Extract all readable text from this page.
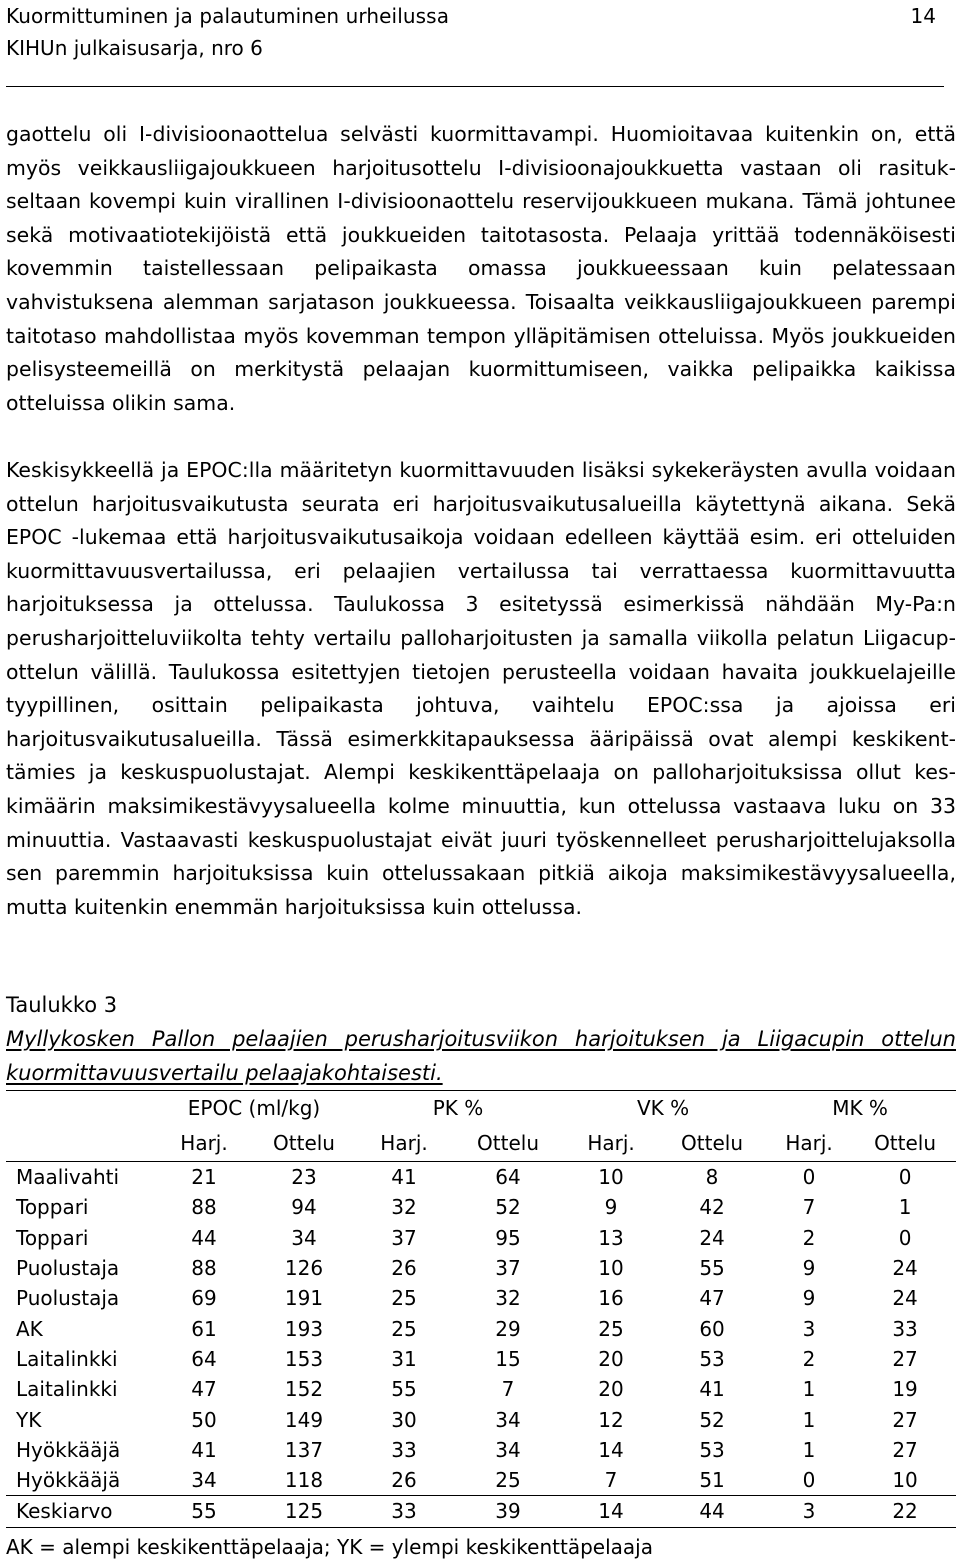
Kuormittuminen ja palautuminen urheilussa
KIHUn julkaisusarja, nro 6
14
gaottelu oli I-divisioonaottelua selvästi kuormittavampi. Huomioitavaa kuitenkin on, että myös veikkausliigajoukkueen harjoitusottelu I-divisioonajoukkuetta vastaan oli rasitukseltaan kovempi kuin virallinen I-divisioonaottelu reservijoukkueen mukana. Tämä johtunee sekä motivaatiotekijöistä että joukkueiden taitotasosta. Pelaaja yrittää todennäköisesti kovemmin taistellessaan pelipaikasta omassa joukkueessaan kuin pelatessaan vahvistuksena alemman sarjatason joukkueessa. Toisaalta veikkausliigajoukkueen parempi taitotaso mahdollistaa myös kovemman tempon ylläpitämisen otteluissa. Myös joukkueiden pelisysteemeillä on merkitystä pelaajan kuormittumiseen, vaikka pelipaikka kaikissa otteluissa olikin sama.
Keskisykkeellä ja EPOC:lla määritetyn kuormittavuuden lisäksi sykekeräysten avulla voidaan ottelun harjoitusvaikutusta seurata eri harjoitusvaikutusalueilla käytettynä aikana. Sekä EPOC -lukemaa että harjoitusvaikutusaikoja voidaan edelleen käyttää esim. eri otteluiden kuormittavuusvertailussa, eri pelaajien vertailussa tai verrattaessa kuormittavuutta harjoituksessa ja ottelussa. Taulukossa 3 esitetyssä esimerkissä nähdään My-Pa:n perusharjoitteluviikolta tehty vertailu palloharjoitusten ja samalla viikolla pelatun Liigacup-ottelun välillä. Taulukossa esitettyjen tietojen perusteella voidaan havaita joukkuelajeille tyypillinen, osittain pelipaikasta johtuva, vaihtelu EPOC:ssa ja ajoissa eri harjoitusvaikutusalueilla. Tässä esimerkkitapauksessa ääripäissä ovat alempi keskikenttämies ja keskuspuolustajat. Alempi keskikenttäpelaaja on palloharjoituksissa ollut keskimäärin maksimikestävyysalueella kolme minuuttia, kun ottelussa vastaava luku on 33 minuuttia. Vastaavasti keskuspuolustajat eivät juuri työskennelleet perusharjoittelujaksolla sen paremmin harjoituksissa kuin ottelussakaan pitkiä aikoja maksimikestävyysalueella, mutta kuitenkin enemmän harjoituksissa kuin ottelussa.
Taulukko 3
Myllykosken Pallon pelaajien perusharjoitusviikon harjoituksen ja Liigacupin ottelun kuormittavuusvertailu pelaajakohtaisesti.
	EPOC (ml/kg)		PK %		VK %		MK %	
	Harj.	Ottelu	Harj.	Ottelu	Harj.	Ottelu	Harj.	Ottelu
Maalivahti	21	23	41	64	10	8	0	0
Toppari	88	94	32	52	9	42	7	1
Toppari	44	34	37	95	13	24	2	0
Puolustaja	88	126	26	37	10	55	9	24
Puolustaja	69	191	25	32	16	47	9	24
AK	61	193	25	29	25	60	3	33
Laitalinkki	64	153	31	15	20	53	2	27
Laitalinkki	47	152	55	7	20	41	1	19
YK	50	149	30	34	12	52	1	27
Hyökkääjä	41	137	33	34	14	53	1	27
Hyökkääjä	34	118	26	25	7	51	0	10
Keskiarvo	55	125	33	39	14	44	3	22
AK = alempi keskikenttäpelaaja; YK = ylempi keskikenttäpelaaja
